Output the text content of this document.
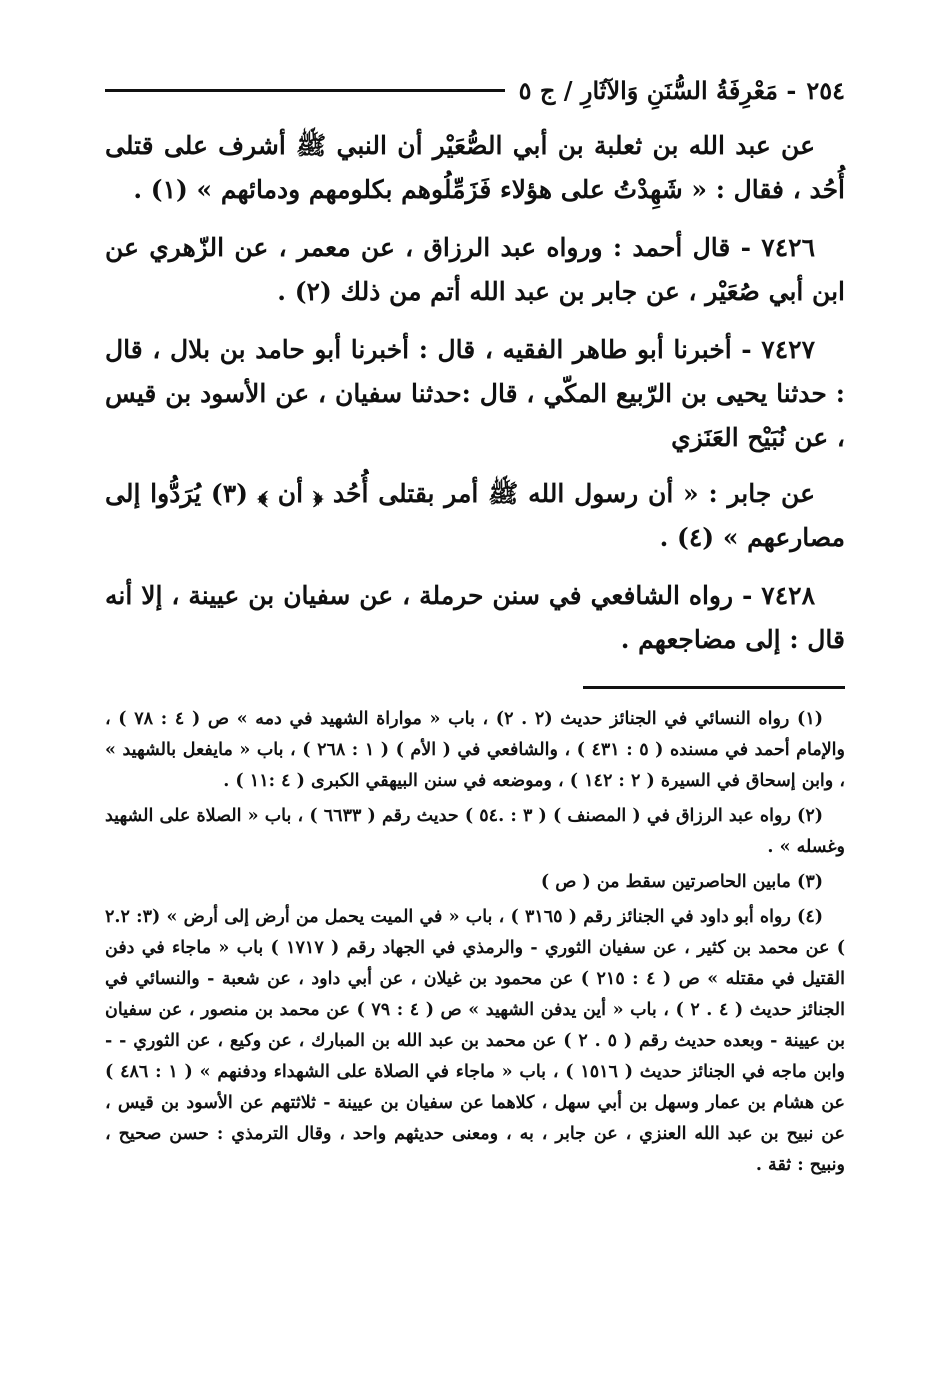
٢٥٤
- مَعْرِفَةُ السُّنَنِ وَالآثَارِ / ج ٥

عن عبد الله بن ثعلبة بن أبي الصُّعَيْر أن النبي ﷺ أشرف على قتلى أُحُد ، فقال : « شَهِدْتُ على هؤلاء فَزَمِّلُوهم بكلومهم ودمائهم » (١) .

٧٤٢٦ - قال أحمد : ورواه عبد الرزاق ، عن معمر ، عن الزّهري عن ابن أبي صُعَيْر ، عن جابر بن عبد الله أتم من ذلك (٢) .

٧٤٢٧ - أخبرنا أبو طاهر الفقيه ، قال : أخبرنا أبو حامد بن بلال ، قال : حدثنا يحيى بن الرّبيع المكّي ، قال :حدثنا سفيان ، عن الأسود بن قيس ، عن نُبَيْح العَنَزي

عن جابر : « أن رسول الله ﷺ أمر بقتلى أُحُد ﴿ أن ﴾ (٣) يُرَدُّوا إلى مصارعهم » (٤) .

٧٤٢٨ - رواه الشافعي في سنن حرملة ، عن سفيان بن عيينة ، إلا أنه قال : إلى مضاجعهم .

(١) رواه النسائي في الجنائز حديث (٢ . ٢) ، باب « مواراة الشهيد في دمه » ص ( ٤ : ٧٨ ) ، والإمام أحمد في مسنده ( ٥ : ٤٣١ ) ، والشافعي في ( الأم ) ( ١ : ٢٦٨ ) ، باب « مايفعل بالشهيد » ، وابن إسحاق في السيرة ( ٢ : ١٤٢ ) ، وموضعه في سنن البيهقي الكبرى ( ٤ :١١ ) .

(٢) رواه عبد الرزاق في ( المصنف ) ( ٣ : .٥٤ ) حديث رقم ( ٦٦٣٣ ) ، باب « الصلاة على الشهيد وغسله » .

(٣) مابين الحاصرتين سقط من ( ص )

(٤) رواه أبو داود في الجنائز رقم ( ٣١٦٥ ) ، باب « في الميت يحمل من أرض إلى أرض » (٣: ٢.٢ ) عن محمد بن كثير ، عن سفيان الثوري - والرمذي في الجهاد رقم ( ١٧١٧ ) باب « ماجاء في دفن القتيل في مقتله » ص ( ٤ : ٢١٥ ) عن محمود بن غيلان ، عن أبي داود ، عن شعبة - والنسائي في الجنائز حديث ( ٤ . ٢ ) ، باب « أين يدفن الشهيد » ص ( ٤ : ٧٩ ) عن محمد بن منصور ، عن سفيان بن عيينة - وبعده حديث رقم ( ٥ . ٢ ) عن محمد بن عبد الله بن المبارك ، عن وكيع ، عن الثوري - - وابن ماجه في الجنائز حديث ( ١٥١٦ ) ، باب « ماجاء في الصلاة على الشهداء ودفنهم » ( ١ : ٤٨٦ ) عن هشام بن عمار وسهل بن أبي سهل ، كلاهما عن سفيان بن عيينة - ثلاثتهم عن الأسود بن قيس ، عن نبيح بن عبد الله العنزي ، عن جابر ، به ، ومعنى حديثهم واحد ، وقال الترمذي : حسن صحيح ، ونبيح : ثقة .
